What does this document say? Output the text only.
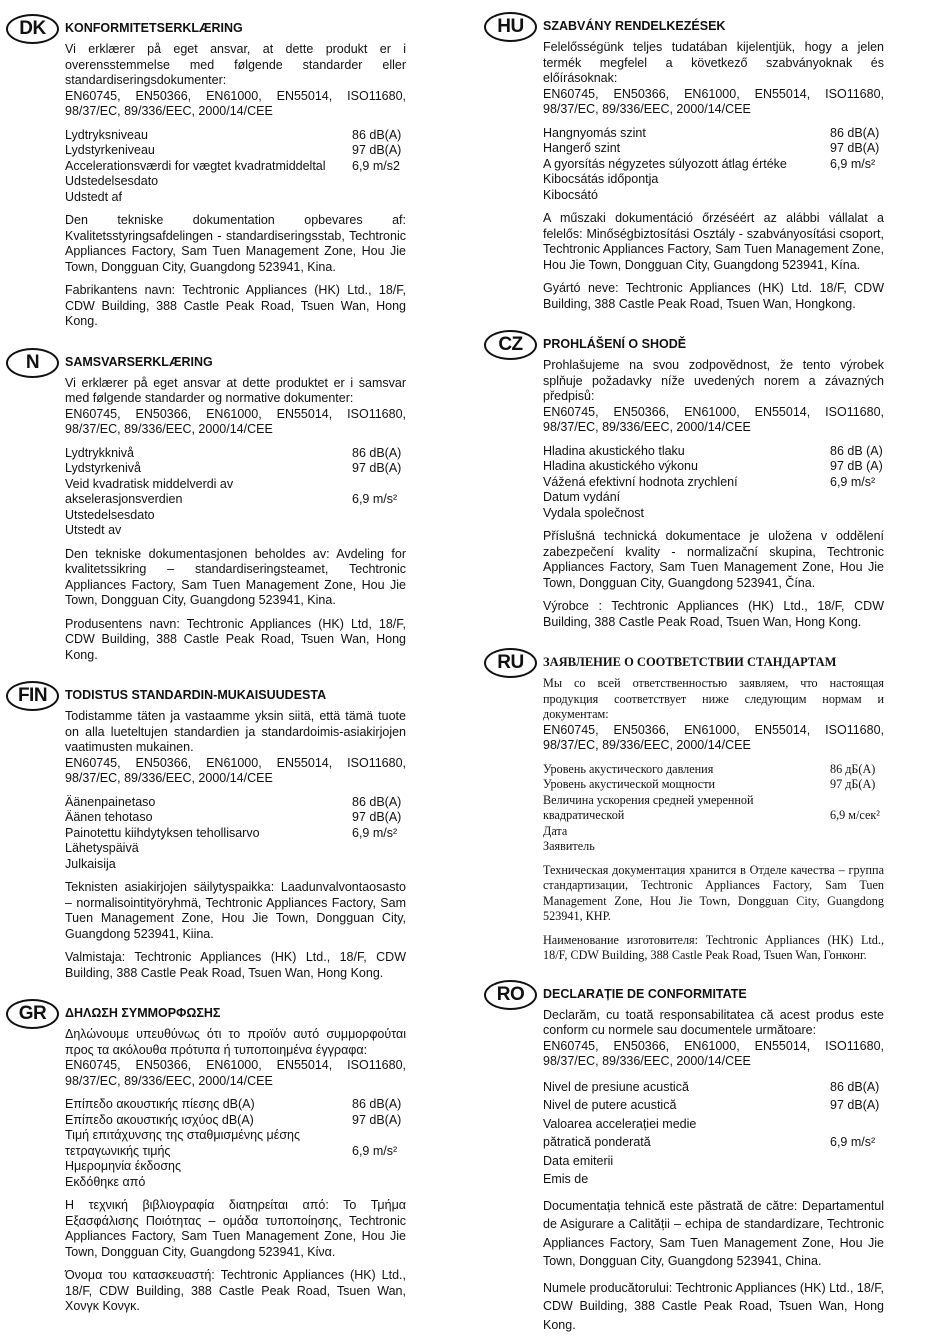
DK	KONFORMITETSERKLÆRING
Vi erklærer på eget ansvar, at dette produkt er i overensstemmelse med følgende standarder eller standardiseringsdokumenter:
EN60745, EN50366, EN61000, EN55014, ISO11680, 98/37/EC, 89/336/EEC, 2000/14/CEE
Lydtryksniveau	86 dB(A)
Lydstyrkeniveau	97 dB(A)
Accelerationsværdi for vægtet kvadratmiddeltal	6,9 m/s2
Udstedelsesdato
Udstedt af

Den tekniske dokumentation opbevares af: Kvalitetsstyringsafdelingen - standardiseringsstab, Techtronic Appliances Factory, Sam Tuen Management Zone, Hou Jie Town, Dongguan City, Guangdong 523941, Kina.

Fabrikantens navn: Techtronic Appliances (HK) Ltd., 18/F, CDW Building, 388 Castle Peak Road, Tsuen Wan, Hong Kong.

N	SAMSVARSERKLÆRING
Vi erklærer på eget ansvar at dette produktet er i samsvar med følgende standarder og normative dokumenter:
EN60745, EN50366, EN61000, EN55014, ISO11680, 98/37/EC, 89/336/EEC, 2000/14/CEE
Lydtrykknivå	86 dB(A)
Lydstyrkenivå	97 dB(A)
Veid kvadratisk middelverdi av akselerasjonsverdien	6,9 m/s²
Utstedelsesdato
Utstedt av

Den tekniske dokumentasjonen beholdes av: Avdeling for kvalitetssikring – standardiseringsteamet, Techtronic Appliances Factory, Sam Tuen Management Zone, Hou Jie Town, Dongguan City, Guangdong 523941, Kina.

Produsentens navn: Techtronic Appliances (HK) Ltd, 18/F, CDW Building, 388 Castle Peak Road, Tsuen Wan, Hong Kong.

FIN	TODISTUS STANDARDIN-MUKAISUUDESTA
Todistamme täten ja vastaamme yksin siitä, että tämä tuote on alla lueteltujen standardien ja standardoimis-asiakirjojen vaatimusten mukainen.
EN60745, EN50366, EN61000, EN55014, ISO11680, 98/37/EC, 89/336/EEC, 2000/14/CEE
Äänenpainetaso	86 dB(A)
Äänen tehotaso	97 dB(A)
Painotettu kiihdytyksen tehollisarvo	6,9 m/s²
Lähetyspäivä
Julkaisija

Teknisten asiakirjojen säilytyspaikka: Laadunvalvontaosasto – normalisointityöryhmä, Techtronic Appliances Factory, Sam Tuen Management Zone, Hou Jie Town, Dongguan City, Guangdong 523941, Kiina.

Valmistaja: Techtronic Appliances (HK) Ltd., 18/F, CDW Building, 388 Castle Peak Road, Tsuen Wan, Hong Kong.

GR	ΔΗΛΩΣΗ ΣΥΜΜΟΡΦΩΣΗΣ
Δηλώνουμε υπευθύνως ότι το προϊόν αυτό συμμορφούται προς τα ακόλουθα πρότυπα ή τυποποιημένα έγγραφα:
EN60745, EN50366, EN61000, EN55014, ISO11680, 98/37/EC, 89/336/EEC, 2000/14/CEE
Επίπεδο ακουστικής πίεσης dB(A)	86 dB(A)
Επίπεδο ακουστικής ισχύος dB(A)	97 dB(A)
Τιμή επιτάχυνσης της σταθμισμένης μέσης τετραγωνικής τιμής	6,9 m/s²
Ημερομηνία έκδοσης
Εκδόθηκε από

Η τεχνική βιβλιογραφία διατηρείται από: Το Τμήμα Εξασφάλισης Ποιότητας – ομάδα τυποποίησης, Techtronic Appliances Factory, Sam Tuen Management Zone, Hou Jie Town, Dongguan City, Guangdong 523941, Κίνα.

Όνομα του κατασκευαστή: Techtronic Appliances (HK) Ltd., 18/F, CDW Building, 388 Castle Peak Road, Tsuen Wan, Χονγκ Κονγκ.

HU	SZABVÁNY RENDELKEZÉSEK
Felelősségünk teljes tudatában kijelentjük, hogy a jelen termék megfelel a következő szabványoknak és előírásoknak:
EN60745, EN50366, EN61000, EN55014, ISO11680, 98/37/EC, 89/336/EEC, 2000/14/CEE
Hangnyomás szint	86 dB(A)
Hangerő szint	97 dB(A)
A gyorsítás négyzetes súlyozott átlag értéke	6,9 m/s²
Kibocsátás időpontja
Kibocsátó

A műszaki dokumentáció őrzéséért az alábbi vállalat a felelős: Minőségbiztosítási Osztály - szabványosítási csoport, Techtronic Appliances Factory, Sam Tuen Management Zone, Hou Jie Town, Dongguan City, Guangdong 523941, Kína.

Gyártó neve: Techtronic Appliances (HK) Ltd. 18/F, CDW Building, 388 Castle Peak Road, Tsuen Wan, Hongkong.

CZ	PROHLÁŠENÍ O SHODĚ
Prohlašujeme na svou zodpovědnost, že tento výrobek splňuje požadavky níže uvedených norem a závazných předpisů:
EN60745, EN50366, EN61000, EN55014, ISO11680, 98/37/EC, 89/336/EEC, 2000/14/CEE
Hladina akustického tlaku	86 dB (A)
Hladina akustického výkonu	97 dB (A)
Vážená efektivní hodnota zrychlení	6,9 m/s²
Datum vydání
Vydala společnost

Příslušná technická dokumentace je uložena v oddělení zabezpečení kvality - normalizační skupina, Techtronic Appliances Factory, Sam Tuen Management Zone, Hou Jie Town, Dongguan City, Guangdong 523941, Čína.

Výrobce : Techtronic Appliances (HK) Ltd., 18/F, CDW Building, 388 Castle Peak Road, Tsuen Wan, Hong Kong.

RU	ЗАЯВЛЕНИЕ О СООТВЕТСТВИИ СТАНДАРТАМ
Мы со всей ответственностью заявляем, что настоящая продукция соответствует ниже следующим нормам и документам:
EN60745, EN50366, EN61000, EN55014, ISO11680, 98/37/EC, 89/336/EEC, 2000/14/CEE
Уровень акустического давления	86 дБ(А)
Уровень акустической мощности	97 дБ(А)
Величина ускорения средней умеренной квадратической	6,9 м/сек²
Дата
Заявитель

Техническая документация хранится в Отделе качества – группа стандартизации, Techtronic Appliances Factory, Sam Tuen Management Zone, Hou Jie Town, Dongguan City, Guangdong 523941, КНР.

Наименование изготовителя: Techtronic Appliances (HK) Ltd., 18/F, CDW Building, 388 Castle Peak Road, Tsuen Wan, Гонконг.

RO	DECLARAȚIE DE CONFORMITATE
Declarăm, cu toată responsabilitatea că acest produs este conform cu normele sau documentele următoare:
EN60745, EN50366, EN61000, EN55014, ISO11680, 98/37/EC, 89/336/EEC, 2000/14/CEE
Nivel de presiune acustică	86 dB(A)
Nivel de putere acustică	97 dB(A)
Valoarea accelerației medie pătratică ponderată	6,9 m/s²
Data emiterii
Emis de

Documentația tehnică este păstrată de către: Departamentul de Asigurare a Calității – echipa de standardizare, Techtronic Appliances Factory, Sam Tuen Management Zone, Hou Jie Town, Dongguan City, Guangdong 523941, China.

Numele producătorului: Techtronic Appliances (HK) Ltd., 18/F, CDW Building, 388 Castle Peak Road, Tsuen Wan, Hong Kong.
